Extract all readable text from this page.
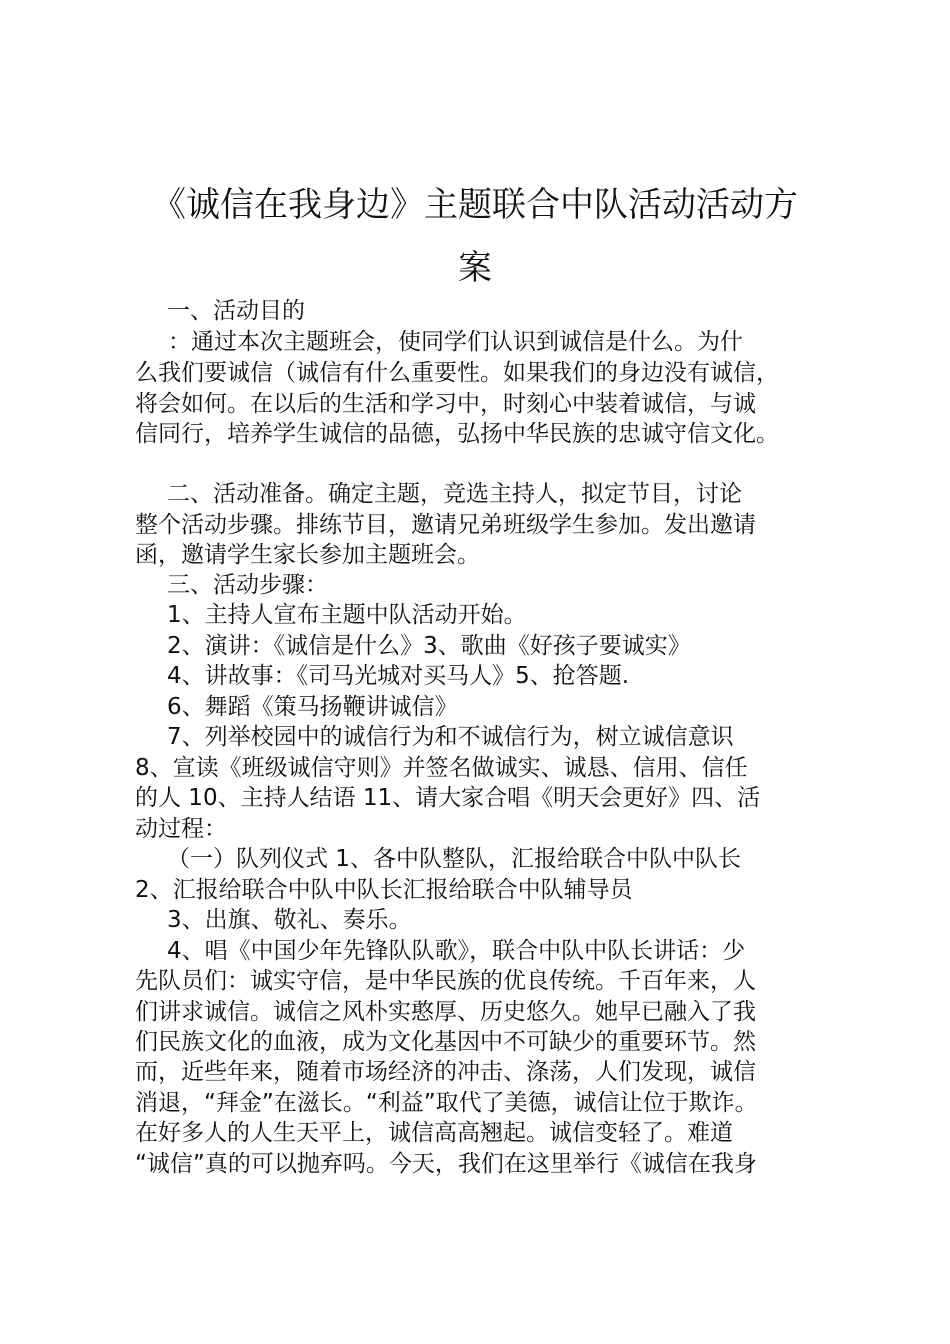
《诚信在我身边》主题联合中队活动活动方
案

一、活动目的

：通过本次主题班会，使同学们认识到诚信是什么。为什

么我们要诚信（诚信有什么重要性。如果我们的身边没有诚信，

将会如何。在以后的生活和学习中，时刻心中装着诚信，与诚

信同行，培养学生诚信的品德，弘扬中华民族的忠诚守信文化。

二、活动准备。确定主题，竞选主持人，拟定节目，讨论

整个活动步骤。排练节目，邀请兄弟班级学生参加。发出邀请

函，邀请学生家长参加主题班会。

三、活动步骤：

1、主持人宣布主题中队活动开始。

2、演讲：《诚信是什么》3、歌曲《好孩子要诚实》

4、讲故事：《司马光城对买马人》5、抢答题.

6、舞蹈《策马扬鞭讲诚信》

7、列举校园中的诚信行为和不诚信行为，树立诚信意识

8、宣读《班级诚信守则》并签名做诚实、诚恳、信用、信任

的人 10、主持人结语 11、请大家合唱《明天会更好》四、活

动过程：

（一）队列仪式 1、各中队整队，汇报给联合中队中队长

2、汇报给联合中队中队长汇报给联合中队辅导员

3、出旗、敬礼、奏乐。

4、唱《中国少年先锋队队歌》，联合中队中队长讲话：少

先队员们：诚实守信，是中华民族的优良传统。千百年来，人

们讲求诚信。诚信之风朴实憨厚、历史悠久。她早已融入了我

们民族文化的血液，成为文化基因中不可缺少的重要环节。然

而，近些年来，随着市场经济的冲击、涤荡，人们发现，诚信

消退，“拜金”在滋长。“利益”取代了美德，诚信让位于欺诈。

在好多人的人生天平上，诚信高高翘起。诚信变轻了。难道

“诚信”真的可以抛弃吗。今天，我们在这里举行《诚信在我身
